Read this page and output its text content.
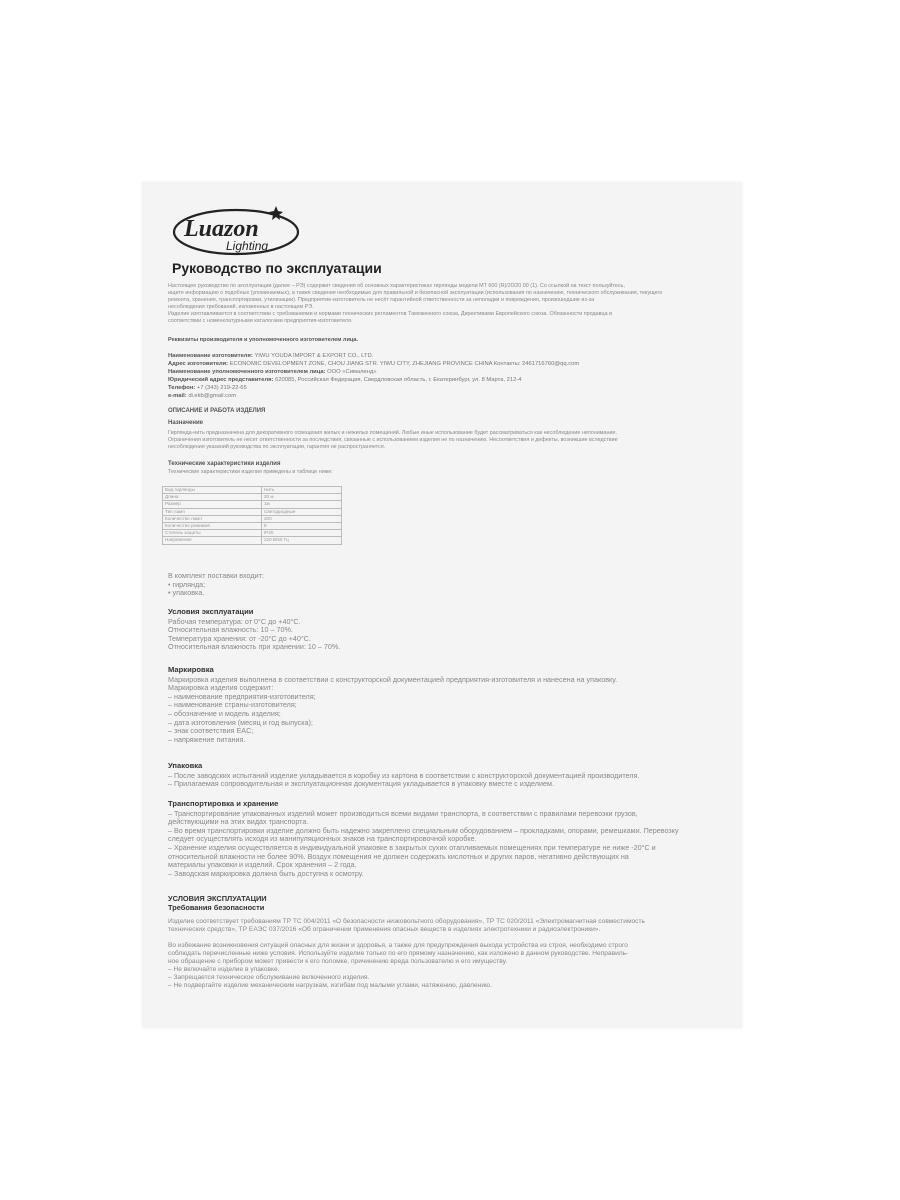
Luazon
Lighting
Руководство по эксплуатации

Настоящее руководство по эксплуатации (далее – РЭ) содержит сведения об основных характеристиках гирлянды модели MT 600 (R)/20/20 00 (1). Со ссылкой на текст пользуйтесь,

ищите информацию о подобных (упоминаемых), а также сведения необходимые для правильной и безопасной эксплуатации (использования по назначению, технического обслуживания, текущего

ремонта, хранения, транспортировки, утилизации). Предприятие-изготовитель не несёт гарантийной ответственности за неполадки и повреждения, произошедшие из-за

несоблюдения требований, изложенных в настоящем РЭ.

Изделие изготавливается в соответствии с требованиями и нормами технических регламентов Таможенного союза, Директивами Европейского союза. Обязанности продавца в

соответствии с номенклатурными каталогами предприятия-изготовителя.

Реквизиты производителя и уполномоченного изготовителем лица.
Наименование изготовителя: YIWU YOUDA IMPORT & EXPORT CO., LTD.
Адрес изготовителя: ECONOMIC DEVELOPMENT ZONE, CHOU JIANG STR. YIWU CITY, ZHEJIANG PROVINCE CHINA Контакты: 2461716760@qq.com
Наименование уполномоченного изготовителем лица: ООО «Сималенд»
Юридический адрес представителя: 620085, Российская Федерация, Свердловская область, г. Екатеринбург, ул. 8 Марта, 212-4
Телефон: +7 (343) 219-22-65
e-mail: di.ekb@gmail.com
ОПИСАНИЕ И РАБОТА ИЗДЕЛИЯ
Назначение

Гирлянда-нить предназначена для декоративного освещения жилых и нежилых помещений. Любые иные использование будет рассматриваться как несоблюдение непонимание.

Ограничения изготовитель не несет ответственности за последствия, связанные с использованием изделия не по назначению. Несоответствия и дефекты, возникшие вследствие

несоблюдения указаний руководства по эксплуатации, гарантия не распространяется.

Технические характеристики изделия
Технические характеристики изделия приведены в таблице ниже:
Вид гирлянды	Нить
Длина	20 м
Размер	1м
Тип ламп	Светодиодные
Количество ламп	200
Количество режимов	8
Степень защиты	IP20
Напряжение	220 В/50 Гц

В комплект поставки входит:

• гирлянда;

• упаковка.

Условия эксплуатации

Рабочая температура: от 0°С до +40°С.

Относительная влажность: 10 – 70%.

Температура хранения: от -20°С до +40°С.

Относительная влажность при хранении: 10 – 70%.

Маркировка

Маркировка изделия выполнена в соответствии с конструкторской документацией предприятия-изготовителя и нанесена на упаковку.

Маркировка изделия содержит:

– наименование предприятия-изготовителя;

– наименование страны-изготовителя;

– обозначение и модель изделия;

– дата изготовления (месяц и год выпуска);

– знак соответствия EAC;

– напряжение питания.

Упаковка

– После заводских испытаний изделие укладывается в коробку из картона в соответствии с конструкторской документацией производителя.

– Прилагаемая сопроводительная и эксплуатационная документация укладывается в упаковку вместе с изделием.

Транспортировка и хранение

– Транспортирование упакованных изделий может производиться всеми видами транспорта, в соответствии с правилами перевозки грузов,

действующими на этих видах транспорта.

– Во время транспортировки изделие должно быть надежно закреплено специальным оборудованием – прокладками, опорами, ремешками. Перевозку

следует осуществлять исходя из манипуляционных знаков на транспортировочной коробке.

– Хранение изделия осуществляется в индивидуальной упаковке в закрытых сухих отапливаемых помещениях при температуре не ниже -20°С и

относительной влажности не более 90%. Воздух помещения не должен содержать кислотных и других паров, негативно действующих на

материалы упаковки и изделий. Срок хранения – 2 года.

– Заводская маркировка должна быть доступна к осмотру.

УСЛОВИЯ ЭКСПЛУАТАЦИИ
Требования безопасности

Изделие соответствует требованиям ТР ТС 004/2011 «О безопасности низковольтного оборудования», ТР ТС 020/2011 «Электромагнитная совместимость

технических средств», ТР ЕАЭС 037/2016 «Об ограничении применения опасных веществ в изделиях электротехники и радиоэлектроники».

Во избежание возникновения ситуаций опасных для жизни и здоровья, а также для предупреждения выхода устройства из строя, необходимо строго

соблюдать перечисленные ниже условия. Используйте изделие только по его прямому назначению, как изложено в данном руководстве. Неправиль-

ное обращение с прибором может привести к его поломке, причинению вреда пользователю и его имуществу.

– Не включайте изделие в упаковке.

– Запрещается техническое обслуживание включенного изделия.

– Не подвергайте изделие механическим нагрузкам, изгибам под малыми углами, натяжению, давлению.
